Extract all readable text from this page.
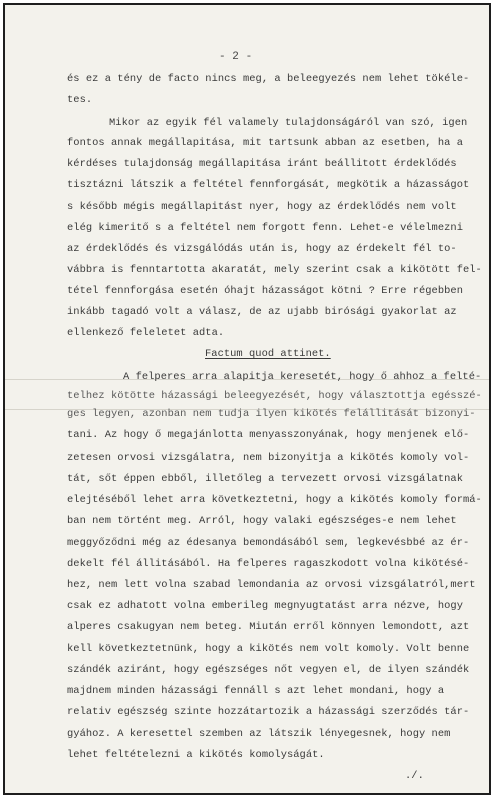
- 2 -
és ez a tény de facto nincs meg, a beleegyezés nem lehet tökéle-
tes.
Mikor az egyik fél valamely tulajdonságáról van szó, igen
fontos annak megállapitása, mit tartsunk abban az esetben, ha a
kérdéses tulajdonság megállapitása iránt beállitott érdeklődés
tisztázni látszik a feltétel fennforgását, megkötik a házasságot
s később mégis megállapitást nyer, hogy az érdeklődés nem volt
elég kimeritő s a feltétel nem forgott fenn. Lehet-e vélelmezni
az érdeklődés és vizsgálódás után is, hogy az érdekelt fél to-
vábbra is fenntartotta akaratát, mely szerint csak a kikötött fel-
tétel fennforgása esetén óhajt házasságot kötni ? Erre régebben
inkább tagadó volt a válasz, de az ujabb birósági gyakorlat az
ellenkező feleletet adta.
Factum quod attinet.
A felperes arra alapitja keresetét, hogy ő ahhoz a felté-
telhez kötötte házassági beleegyezését, hogy választottja egésszé-
ges legyen, azonban nem tudja ilyen kikötés felállitását bizonyi-
tani. Az hogy ő megajánlotta menyasszonyának, hogy menjenek elő-
zetesen orvosi vizsgálatra, nem bizonyitja a kikötés komoly vol-
tát, sőt éppen ebből, illetőleg a tervezett orvosi vizsgálatnak
elejtéséből lehet arra következtetni, hogy a kikötés komoly formá-
ban nem történt meg. Arról, hogy valaki egészséges-e nem lehet
meggyőződni még az édesanya bemondásából sem, legkevésbbé az ér-
dekelt fél állitásából. Ha felperes ragaszkodott volna kikötésé-
hez, nem lett volna szabad lemondania az orvosi vizsgálatról,mert
csak ez adhatott volna emberileg megnyugtatást arra nézve, hogy
alperes csakugyan nem beteg. Miután erről könnyen lemondott, azt
kell következtetnünk, hogy a kikötés nem volt komoly. Volt benne
szándék aziránt, hogy egészséges nőt vegyen el, de ilyen szándék
majdnem minden házassági fennáll s azt lehet mondani, hogy a
relativ egészség szinte hozzátartozik a házassági szerződés tár-
gyához. A keresettel szemben az látszik lényegesnek, hogy nem
lehet feltételezni a kikötés komolyságát.
./.
